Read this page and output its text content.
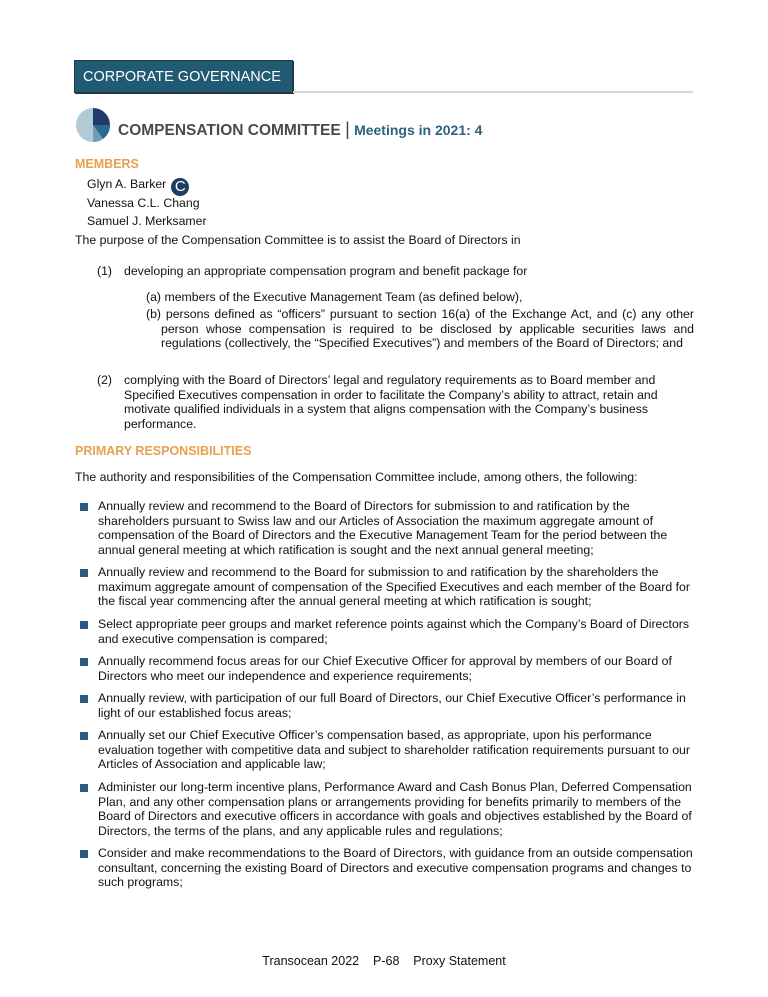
CORPORATE GOVERNANCE
COMPENSATION COMMITTEE | Meetings in 2021: 4
MEMBERS
Glyn A. Barker C
Vanessa C.L. Chang
Samuel J. Merksamer
The purpose of the Compensation Committee is to assist the Board of Directors in
(1) developing an appropriate compensation program and benefit package for
(a) members of the Executive Management Team (as defined below),
(b) persons defined as “officers” pursuant to section 16(a) of the Exchange Act, and (c) any other person whose compensation is required to be disclosed by applicable securities laws and regulations (collectively, the “Specified Executives”) and members of the Board of Directors; and
(2) complying with the Board of Directors’ legal and regulatory requirements as to Board member and Specified Executives compensation in order to facilitate the Company’s ability to attract, retain and motivate qualified individuals in a system that aligns compensation with the Company’s business performance.
PRIMARY RESPONSIBILITIES
The authority and responsibilities of the Compensation Committee include, among others, the following:
Annually review and recommend to the Board of Directors for submission to and ratification by the shareholders pursuant to Swiss law and our Articles of Association the maximum aggregate amount of compensation of the Board of Directors and the Executive Management Team for the period between the annual general meeting at which ratification is sought and the next annual general meeting;
Annually review and recommend to the Board for submission to and ratification by the shareholders the maximum aggregate amount of compensation of the Specified Executives and each member of the Board for the fiscal year commencing after the annual general meeting at which ratification is sought;
Select appropriate peer groups and market reference points against which the Company’s Board of Directors and executive compensation is compared;
Annually recommend focus areas for our Chief Executive Officer for approval by members of our Board of Directors who meet our independence and experience requirements;
Annually review, with participation of our full Board of Directors, our Chief Executive Officer’s performance in light of our established focus areas;
Annually set our Chief Executive Officer’s compensation based, as appropriate, upon his performance evaluation together with competitive data and subject to shareholder ratification requirements pursuant to our Articles of Association and applicable law;
Administer our long-term incentive plans, Performance Award and Cash Bonus Plan, Deferred Compensation Plan, and any other compensation plans or arrangements providing for benefits primarily to members of the Board of Directors and executive officers in accordance with goals and objectives established by the Board of Directors, the terms of the plans, and any applicable rules and regulations;
Consider and make recommendations to the Board of Directors, with guidance from an outside compensation consultant, concerning the existing Board of Directors and executive compensation programs and changes to such programs;
Transocean 2022    P-68    Proxy Statement
